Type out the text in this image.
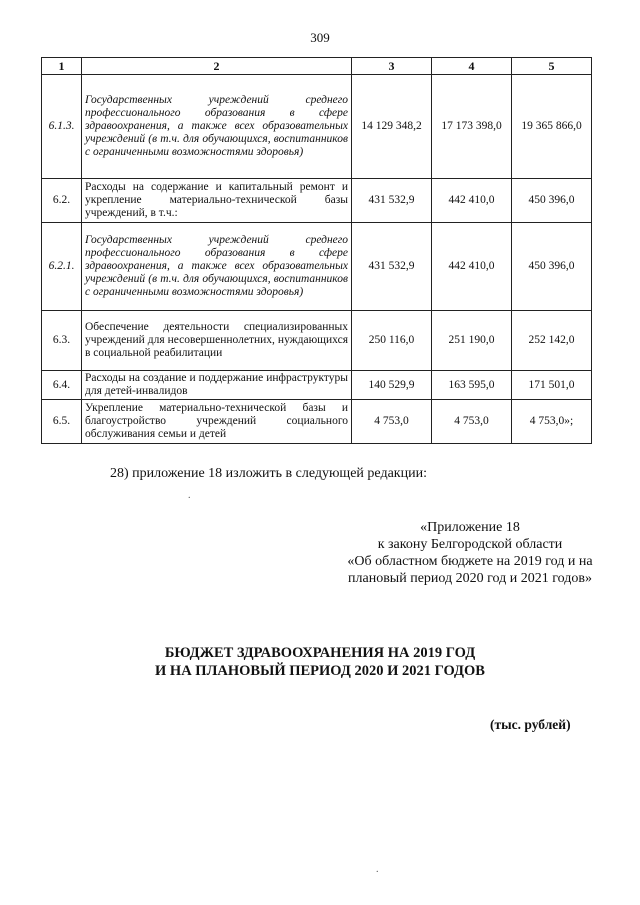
309
1	2	3	4	5
6.1.3.	Государственных учреждений среднего профессионального образования в сфере здравоохранения, а также всех образовательных учреждений (в т.ч. для обучающихся, воспитанников с ограниченными возможностями здоровья)	14 129 348,2	17 173 398,0	19 365 866,0
6.2.	Расходы на содержание и капитальный ремонт и укрепление материально-технической базы учреждений, в т.ч.:	431 532,9	442 410,0	450 396,0
6.2.1.	Государственных учреждений среднего профессионального образования в сфере здравоохранения, а также всех образовательных учреждений (в т.ч. для обучающихся, воспитанников с ограниченными возможностями здоровья)	431 532,9	442 410,0	450 396,0
6.3.	Обеспечение деятельности специализированных учреждений для несовершеннолетних, нуждающихся в социальной реабилитации	250 116,0	251 190,0	252 142,0
6.4.	Расходы на создание и поддержание инфраструктуры для детей-инвалидов	140 529,9	163 595,0	171 501,0
6.5.	Укрепление материально-технической базы и благоустройство учреждений социального обслуживания семьи и детей	4 753,0	4 753,0	4 753,0»;
28) приложение 18 изложить в следующей редакции:
.
«Приложение 18
к закону Белгородской области
«Об областном бюджете на 2019 год и на
плановый период 2020 год и 2021 годов»
БЮДЖЕТ ЗДРАВООХРАНЕНИЯ НА 2019 ГОД
И НА ПЛАНОВЫЙ ПЕРИОД 2020 И 2021 ГОДОВ
(тыс. рублей)
.
